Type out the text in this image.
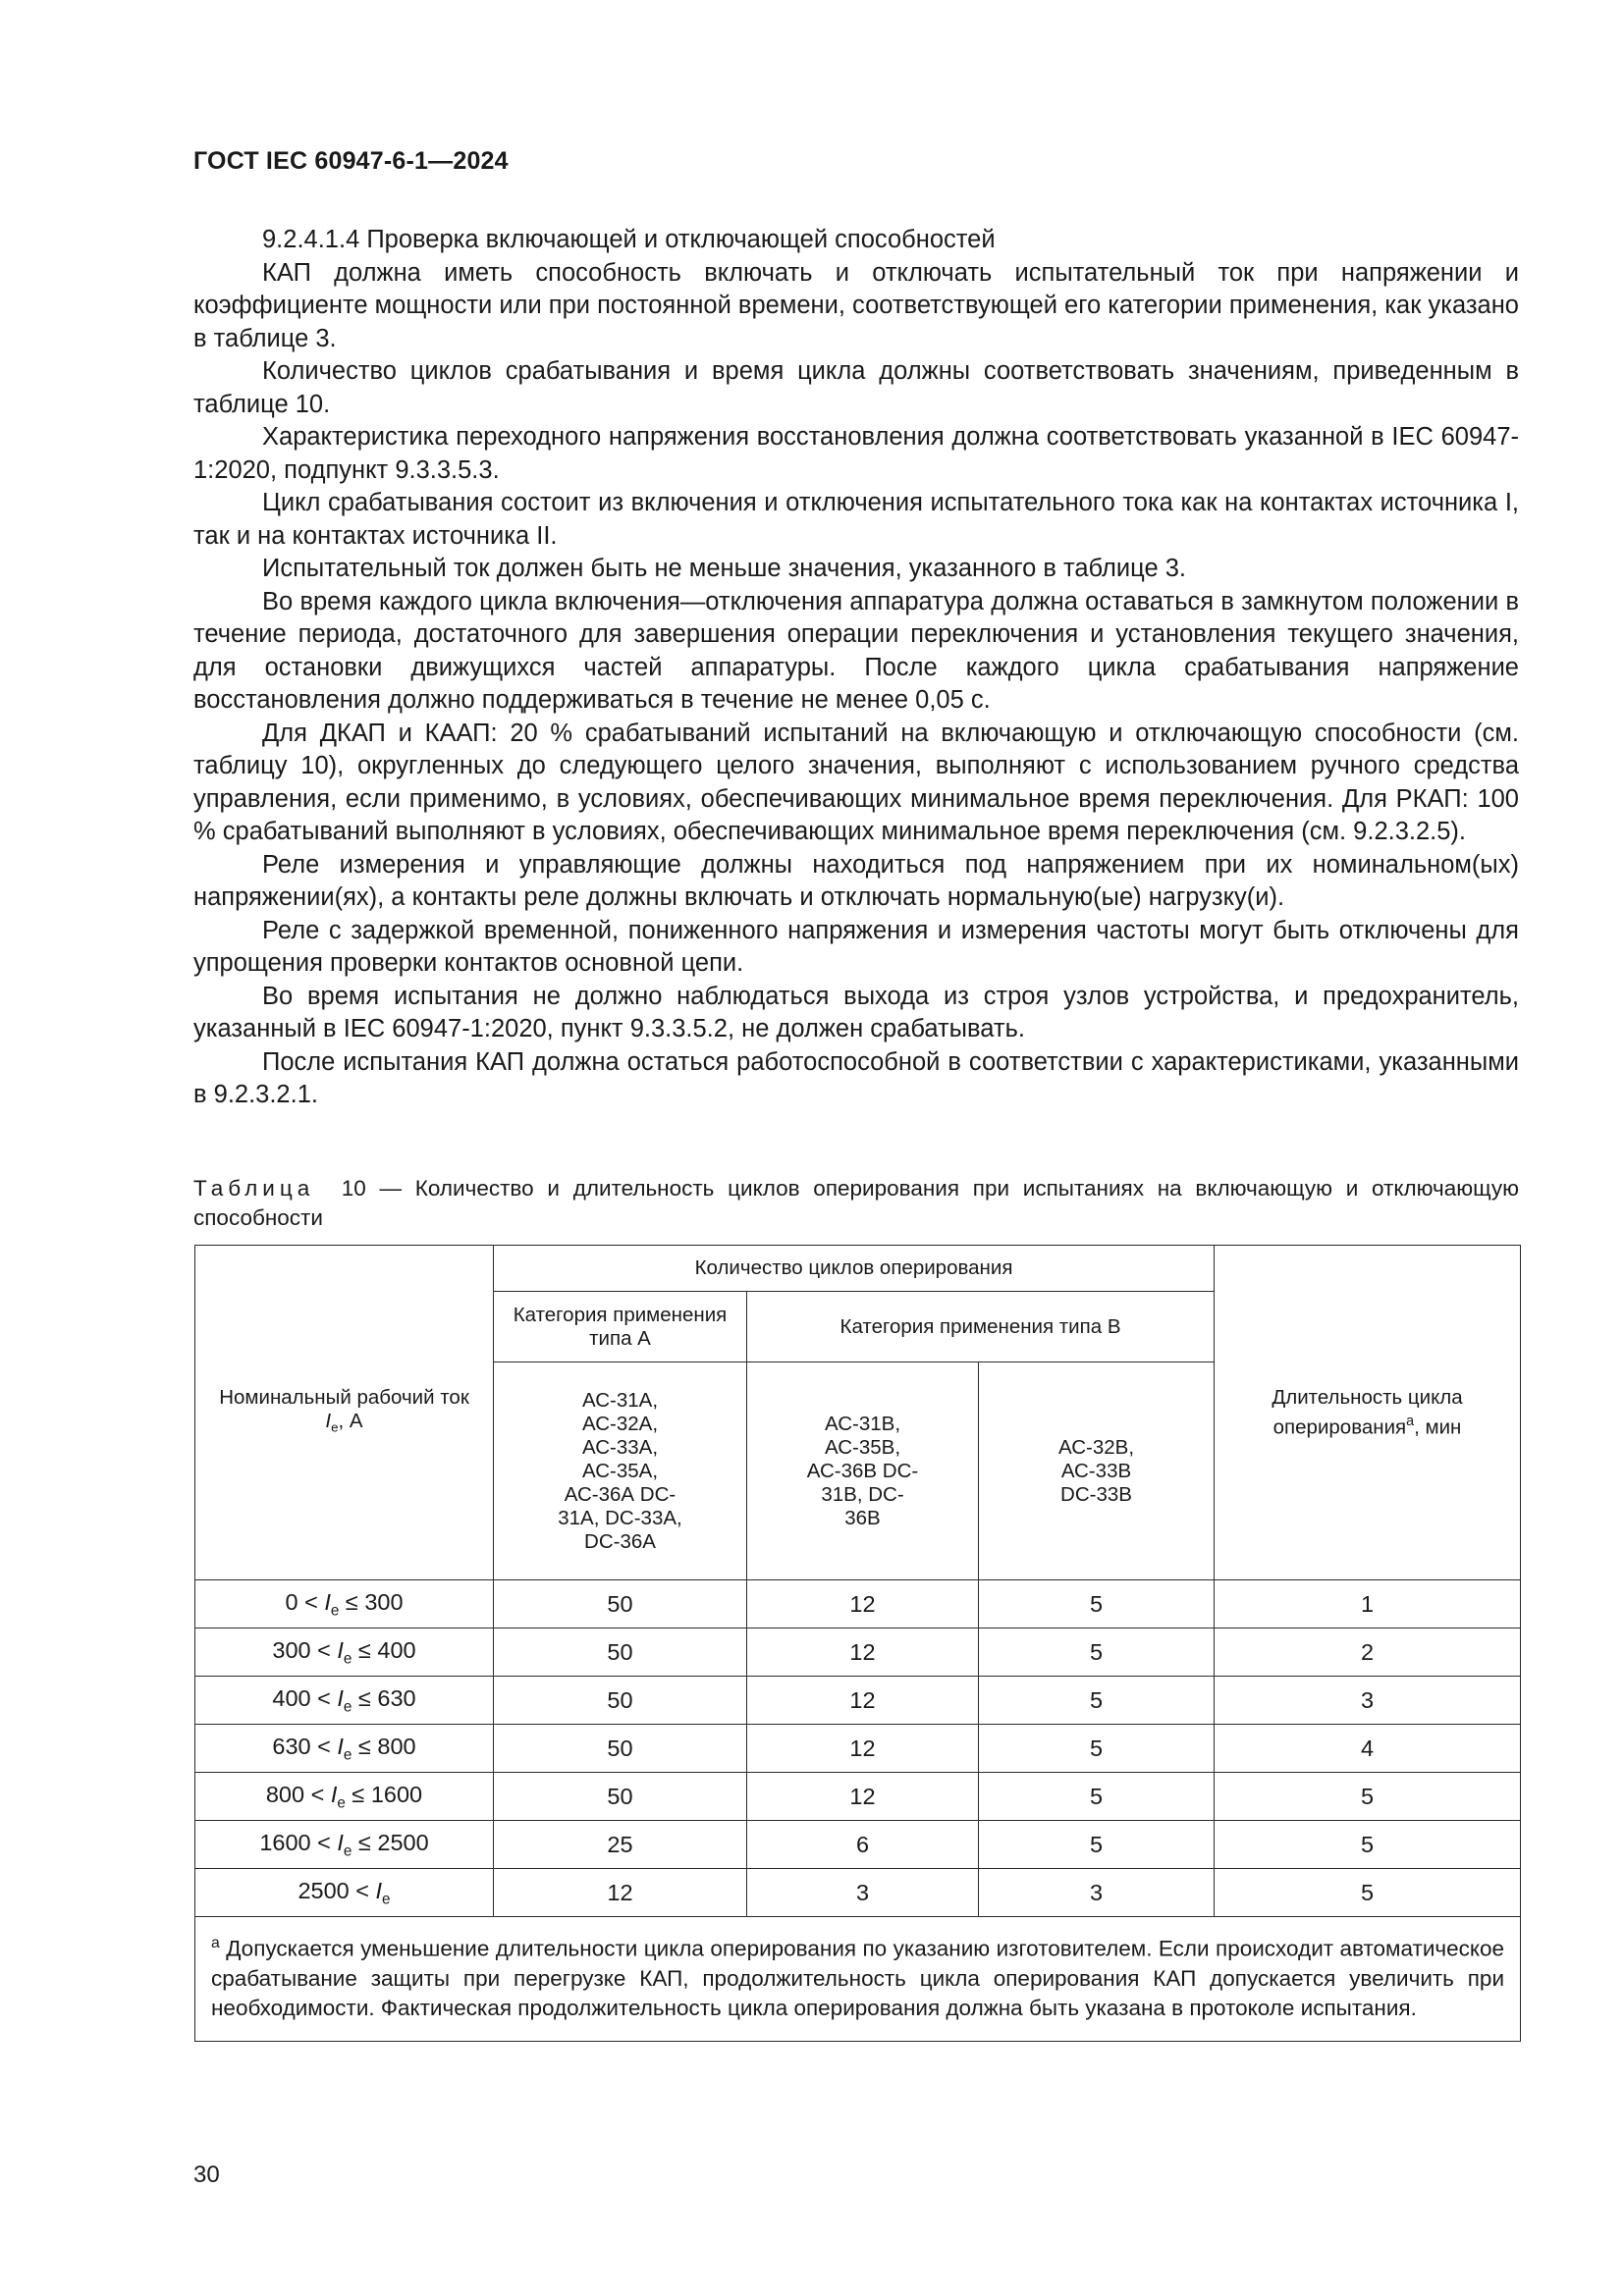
ГОСТ IEC 60947-6-1—2024

9.2.4.1.4 Проверка включающей и отключающей способностей

КАП должна иметь способность включать и отключать испытательный ток при напряжении и коэффициенте мощности или при постоянной времени, соответствующей его категории применения, как указано в таблице 3.

Количество циклов срабатывания и время цикла должны соответствовать значениям, приведенным в таблице 10.

Характеристика переходного напряжения восстановления должна соответствовать указанной в IEC 60947-1:2020, подпункт 9.3.3.5.3.

Цикл срабатывания состоит из включения и отключения испытательного тока как на контактах источника I, так и на контактах источника II.

Испытательный ток должен быть не меньше значения, указанного в таблице 3.

Во время каждого цикла включения—отключения аппаратура должна оставаться в замкнутом положении в течение периода, достаточного для завершения операции переключения и установления текущего значения, для остановки движущихся частей аппаратуры. После каждого цикла срабатывания напряжение восстановления должно поддерживаться в течение не менее 0,05 с.

Для ДКАП и КААП: 20 % срабатываний испытаний на включающую и отключающую способности (см. таблицу 10), округленных до следующего целого значения, выполняют с использованием ручного средства управления, если применимо, в условиях, обеспечивающих минимальное время переключения. Для РКАП: 100 % срабатываний выполняют в условиях, обеспечивающих минимальное время переключения (см. 9.2.3.2.5).

Реле измерения и управляющие должны находиться под напряжением при их номинальном(ых) напряжении(ях), а контакты реле должны включать и отключать нормальную(ые) нагрузку(и).

Реле с задержкой временной, пониженного напряжения и измерения частоты могут быть отключены для упрощения проверки контактов основной цепи.

Во время испытания не должно наблюдаться выхода из строя узлов устройства, и предохранитель, указанный в IEC 60947-1:2020, пункт 9.3.3.5.2, не должен срабатывать.

После испытания КАП должна остаться работоспособной в соответствии с характеристиками, указанными в 9.2.3.2.1.

Таблица 10 — Количество и длительность циклов оперирования при испытаниях на включающую и отключающую способности
Номинальный рабочий ток
$I_e$, А	Количество циклов оперирования			Длительность цикла оперирования$^a$, мин
	Категория применения типа А	Категория применения типа В		
	АС-31А, АС-32А, АС-33А, АС-35А, АС-36А DC-31А, DC-33А, DC-36А	АС-31В, АС-35В, АС-36В DC-31В, DC-36В	АС-32В, АС-33В DC-33В	
$0 < I_e \le 300$	50	12	5	1
$300 < I_e \le 400$	50	12	5	2
$400 < I_e \le 630$	50	12	5	3
$630 < I_e \le 800$	50	12	5	4
$800 < I_e \le 1600$	50	12	5	5
$1600 < I_e \le 2500$	25	6	5	5
$2500 < I_e$	12	3	3	5
$^a$ Допускается уменьшение длительности цикла оперирования по указанию изготовителем. Если происходит автоматическое срабатывание защиты при перегрузке КАП, продолжительность цикла оперирования КАП допускается увеличить при необходимости. Фактическая продолжительность цикла оперирования должна быть указана в протоколе испытания.				
30
